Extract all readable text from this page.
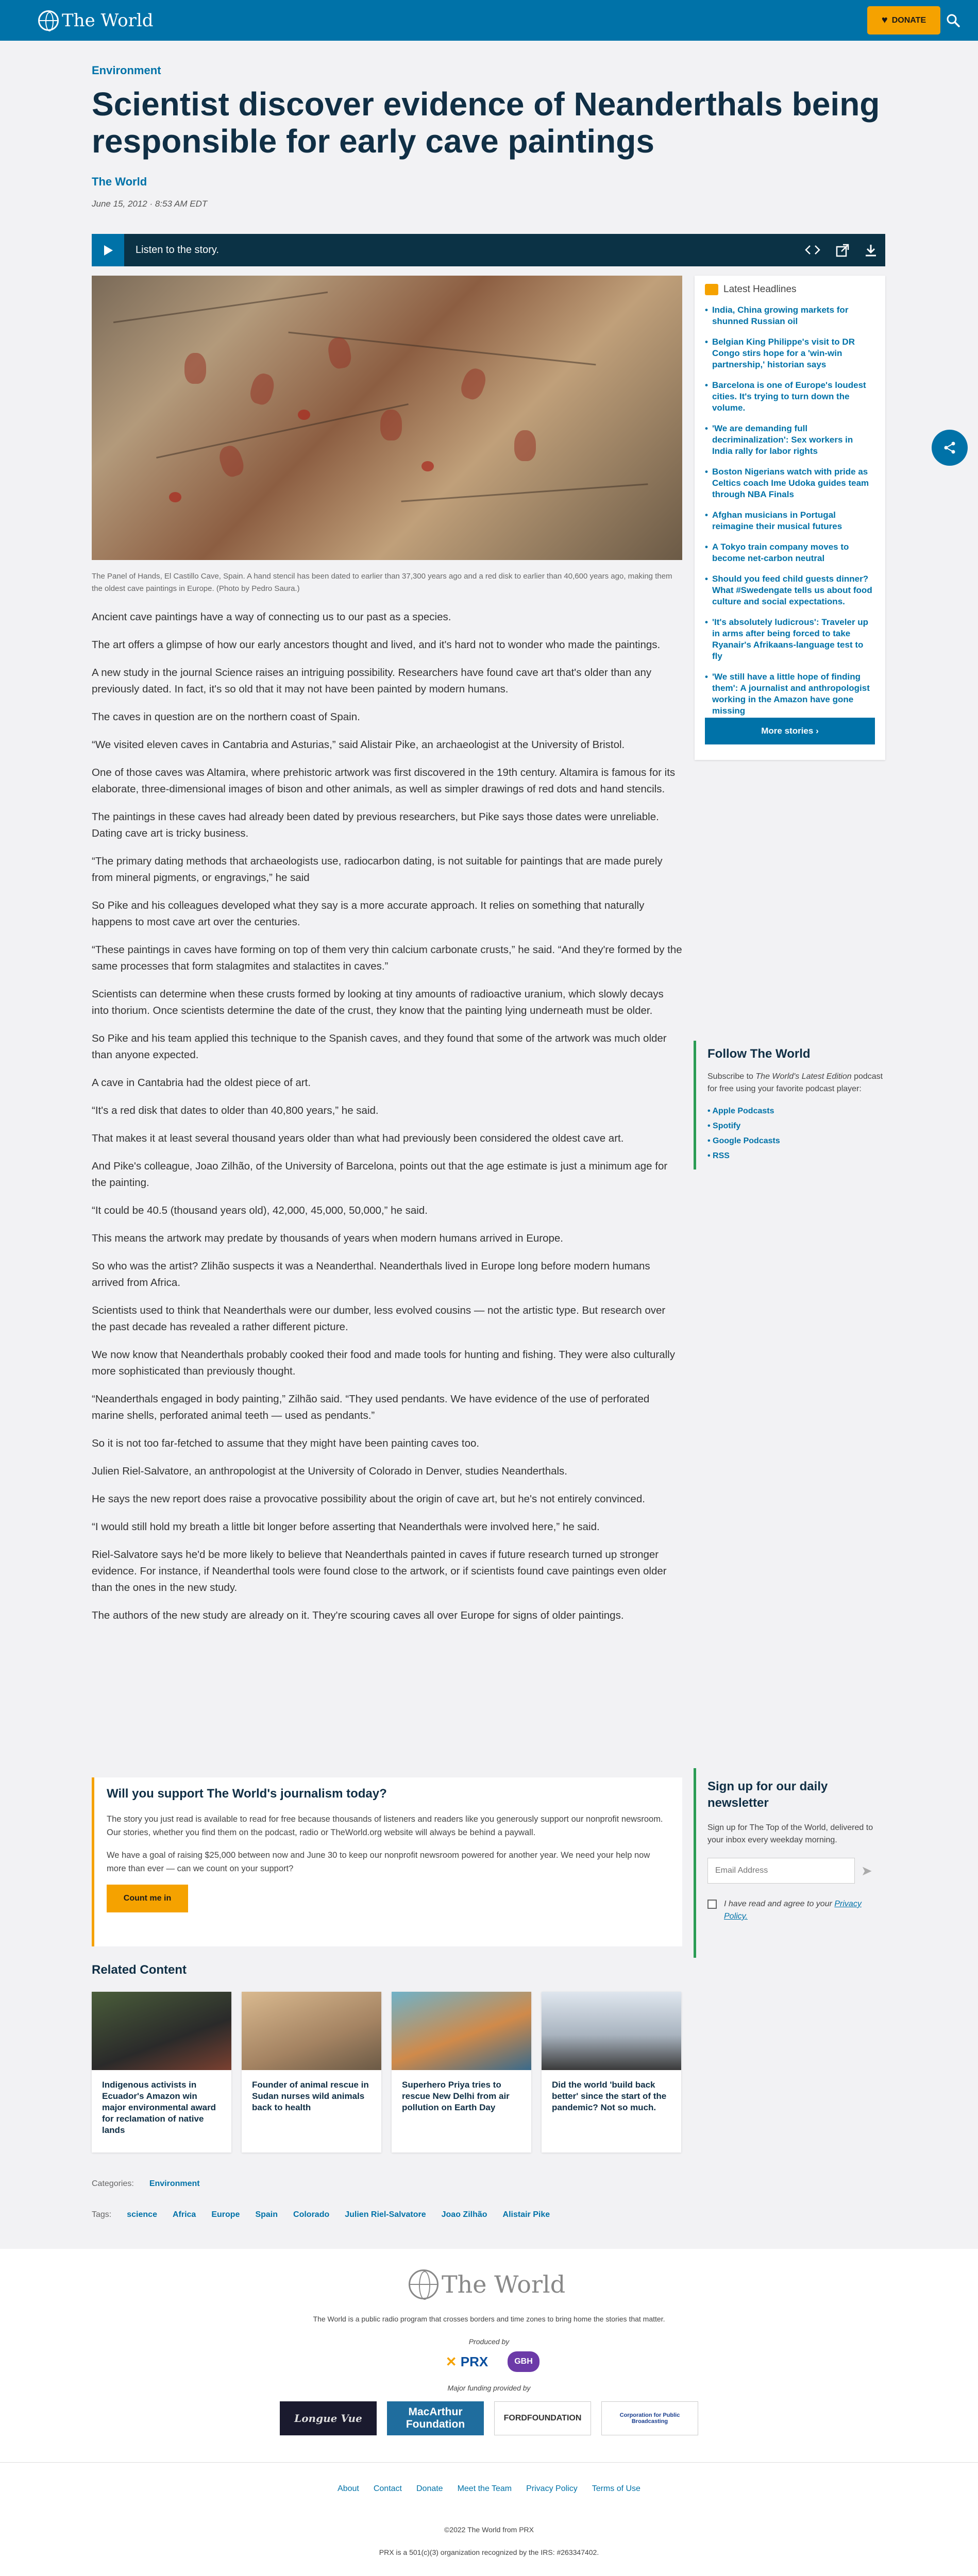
The World	♥ DONATE
Environment
Scientist discover evidence of Neanderthals being responsible for early cave paintings
The World
June 15, 2012 · 8:53 AM EDT
Listen to the story.
The Panel of Hands, El Castillo Cave, Spain. A hand stencil has been dated to earlier than 37,300 years ago and a red disk to earlier than 40,600 years ago, making them the oldest cave paintings in Europe. (Photo by Pedro Saura.)

Ancient cave paintings have a way of connecting us to our past as a species.

The art offers a glimpse of how our early ancestors thought and lived, and it's hard not to wonder who made the paintings.

A new study in the journal Science raises an intriguing possibility. Researchers have found cave art that's older than any previously dated. In fact, it's so old that it may not have been painted by modern humans.

The caves in question are on the northern coast of Spain.

“We visited eleven caves in Cantabria and Asturias,” said Alistair Pike, an archaeologist at the University of Bristol.

One of those caves was Altamira, where prehistoric artwork was first discovered in the 19th century. Altamira is famous for its elaborate, three-dimensional images of bison and other animals, as well as simpler drawings of red dots and hand stencils.

The paintings in these caves had already been dated by previous researchers, but Pike says those dates were unreliable. Dating cave art is tricky business.

“The primary dating methods that archaeologists use, radiocarbon dating, is not suitable for paintings that are made purely from mineral pigments, or engravings,” he said

So Pike and his colleagues developed what they say is a more accurate approach. It relies on something that naturally happens to most cave art over the centuries.

“These paintings in caves have forming on top of them very thin calcium carbonate crusts,” he said. “And they're formed by the same processes that form stalagmites and stalactites in caves.”

Scientists can determine when these crusts formed by looking at tiny amounts of radioactive uranium, which slowly decays into thorium. Once scientists determine the date of the crust, they know that the painting lying underneath must be older.

So Pike and his team applied this technique to the Spanish caves, and they found that some of the artwork was much older than anyone expected.

A cave in Cantabria had the oldest piece of art.

“It's a red disk that dates to older than 40,800 years,” he said.

That makes it at least several thousand years older than what had previously been considered the oldest cave art.

And Pike's colleague, Joao Zilhão, of the University of Barcelona, points out that the age estimate is just a minimum age for the painting.

“It could be 40.5 (thousand years old), 42,000, 45,000, 50,000,” he said.

This means the artwork may predate by thousands of years when modern humans arrived in Europe.

So who was the artist? Zlihão suspects it was a Neanderthal. Neanderthals lived in Europe long before modern humans arrived from Africa.

Scientists used to think that Neanderthals were our dumber, less evolved cousins — not the artistic type. But research over the past decade has revealed a rather different picture.

We now know that Neanderthals probably cooked their food and made tools for hunting and fishing. They were also culturally more sophisticated than previously thought.

“Neanderthals engaged in body painting,” Zilhão said. “They used pendants. We have evidence of the use of perforated marine shells, perforated animal teeth — used as pendants.”

So it is not too far-fetched to assume that they might have been painting caves too.

Julien Riel-Salvatore, an anthropologist at the University of Colorado in Denver, studies Neanderthals.

He says the new report does raise a provocative possibility about the origin of cave art, but he's not entirely convinced.

“I would still hold my breath a little bit longer before asserting that Neanderthals were involved here,” he said.

Riel-Salvatore says he'd be more likely to believe that Neanderthals painted in caves if future research turned up stronger evidence. For instance, if Neanderthal tools were found close to the artwork, or if scientists found cave paintings even older than the ones in the new study.

The authors of the new study are already on it. They're scouring caves all over Europe for signs of older paintings.

Latest Headlines
• India, China growing markets for shunned Russian oil
• Belgian King Philippe's visit to DR Congo stirs hope for a 'win-win partnership,' historian says
• Barcelona is one of Europe's loudest cities. It's trying to turn down the volume.
• 'We are demanding full decriminalization': Sex workers in India rally for labor rights
• Boston Nigerians watch with pride as Celtics coach Ime Udoka guides team through NBA Finals
• Afghan musicians in Portugal reimagine their musical futures
• A Tokyo train company moves to become net-carbon neutral
• Should you feed child guests dinner? What #Swedengate tells us about food culture and social expectations.
• 'It's absolutely ludicrous': Traveler up in arms after being forced to take Ryanair's Afrikaans-language test to fly
• 'We still have a little hope of finding them': A journalist and anthropologist working in the Amazon have gone missing
More stories ›
Follow The World

Subscribe to The World's Latest Edition podcast for free using your favorite podcast player:

• Apple Podcasts
• Spotify
• Google Podcasts
• RSS
Will you support The World's journalism today?

The story you just read is available to read for free because thousands of listeners and readers like you generously support our nonprofit newsroom. Our stories, whether you find them on the podcast, radio or TheWorld.org website will always be behind a paywall.

We have a goal of raising $25,000 between now and June 30 to keep our nonprofit newsroom powered for another year. We need your help now more than ever — can we count on your support?

Count me in
Sign up for our daily newsletter

Sign up for The Top of the World, delivered to your inbox every weekday morning.

Email Address
➤
I have read and agree to your Privacy Policy.
Related Content
Indigenous activists in Ecuador's Amazon win major environmental award for reclamation of native lands
Founder of animal rescue in Sudan nurses wild animals back to health
Superhero Priya tries to rescue New Delhi from air pollution on Earth Day
Did the world 'build back better' since the start of the pandemic? Not so much.
Categories: Environment
Tags: science Africa Europe Spain Colorado Julien Riel-Salvatore Joao Zilhão Alistair Pike
The World
The World is a public radio program that crosses borders and time zones to bring home the stories that matter.
Produced by
✕ PRX	GBH
Major funding provided by
Longue Vue
MacArthur Foundation
FORDFOUNDATION	Corporation for Public Broadcasting
About Contact Donate Meet the Team Privacy Policy Terms of Use
©2022 The World from PRX
PRX is a 501(c)(3) organization recognized by the IRS: #263347402.
